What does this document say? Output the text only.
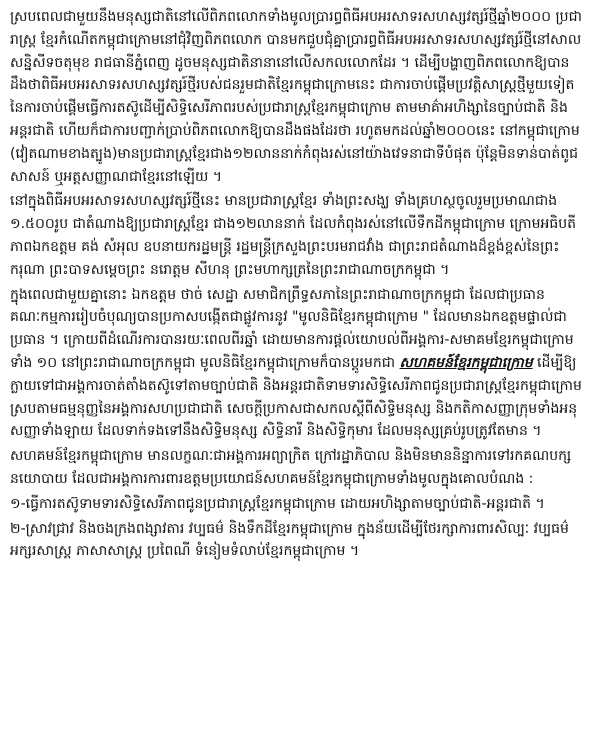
ស្របពេលជាមួយនឹងមនុស្សជាតិនៅលើពិភពលោកទាំងមូលប្រារព្ធពិធីអបអរសាទរសហស្សវត្សរ៍ថ្មីឆ្នាំ២០០០ ប្រជារាស្ត្រ ខ្មែរកំណើតកម្ពុជាក្រោមនៅជុំវិញពិភពលោក បានមកជួបជុំគ្នាប្រារព្ធពិធីអបអរសាទរសហស្សវត្សរ៍ថ្មីនៅសាលសន្និសីទចតុមុខ រាជធានីភ្នំពេញ ដូចមនុស្សជាតិនានានៅលើសកលលោកដែរ ។ ដើម្បីបង្ហាញពិភពលោកឱ្យបានដឹងថាពិធីអបអរសាទរសហស្សវត្សរ៍ថ្មីរបស់ជនរួមជាតិខ្មែរកម្ពុជាក្រោមនេះ ជាការចាប់ផ្តើមប្រវត្តិសាស្ត្រថ្មីមួយទៀត នៃការចាប់ផ្តើមធ្វើការតស៊ូដើម្បីសិទ្ធិសេរីភាពរបស់ប្រជារាស្ត្រខ្មែរកម្ពុជាក្រោម តាមមាគ៌ាអហិង្សានៃច្បាប់ជាតិ និងអន្តរជាតិ ហើយក៏ជាការបញ្ជាក់ប្រាប់ពិភពលោកឱ្យបានដឹងផងដែរថា រហូតមកដល់ឆ្នាំ២០០០នេះ នៅកម្ពុជាក្រោម (វៀតណាមខាងត្បូង)មានប្រជារាស្ត្រខ្មែរជាង១២លាននាក់កំពុងរស់នៅយ៉ាងវេទនាជាទីបំផុត ប៉ុន្តែមិនទាន់បាត់ពូជសាសន៍ ឬអត្តសញ្ញាណជាខ្មែរនៅឡើយ ។

នៅក្នុងពិធីអបអរសាទរសហស្សវត្សរ៍ថ្មីនេះ មានប្រជារាស្ត្រខ្មែរ ទាំងព្រះសង្ឃ ទាំងគ្រហស្ថចូលរួមប្រមាណជាង ១.៥០០រូប ជាតំណាងឱ្យប្រជារាស្ត្រខ្មែរ ជាង១២លាននាក់ ដែលកំពុងរស់នៅលើទឹកដីកម្ពុជាក្រោម ក្រោមអធិបតីភាពឯកឧត្តម គង់ សំអុល ឧបនាយករដ្ឋមន្ត្រី រដ្ឋមន្ត្រីក្រសួងព្រះបរមរាជវាំង ជាព្រះរាជតំណាងដ៏ខ្ពង់ខ្ពស់នៃព្រះករុណា ព្រះបាទសម្តេចព្រះ នរោត្តម សីហនុ ព្រះមហាក្សត្រនៃព្រះរាជាណាចក្រកម្ពុជា ។

ក្នុងពេលជាមួយគ្នានោះ ឯកឧត្តម ថាច់ សេដ្ឋា សមាជិកព្រឹទ្ធសភានៃព្រះរាជាណាចក្រកម្ពុជា ដែលជាប្រធានគណៈកម្មការរៀបចំបុណ្យបានប្រកាសបង្កើតជាផ្លូវការនូវ "មូលនិធិខ្មែរកម្ពុជាក្រោម " ដែលមានឯកឧត្តមផ្ទាល់ជាប្រធាន ។ ក្រោយពីដំណើរការបានរយៈពេលពីរឆ្នាំ ដោយមានការផ្តល់យោបល់ពីអង្គការ-សមាគមខ្មែរកម្ពុជាក្រោមទាំង ១០ នៅព្រះរាជាណាចក្រកម្ពុជា មូលនិធិខ្មែរកម្ពុជាក្រោមក៏បានប្តូរមកជា សហគមន៍ខ្មែរកម្ពុជាក្រោម ដើម្បីឱ្យក្លាយទៅជាអង្គការចាត់តាំងតស៊ូទៅតាមច្បាប់ជាតិ និងអន្តរជាតិទាមទារសិទ្ធិសេរីភាពជូនប្រជារាស្ត្រខ្មែរកម្ពុជាក្រោម ស្របតាមធម្មនុញ្ញនៃអង្គការសហប្រជាជាតិ សេចក្តីប្រកាសជាសកលស្តីពីសិទ្ធិមនុស្ស និងកតិកាសញ្ញាក្រុមទាំងអនុសញ្ញាទាំងឡាយ ដែលទាក់ទងទៅនឹងសិទ្ធិមនុស្ស សិទ្ធិនារី និងសិទ្ធិកុមារ ដែលមនុស្សគ្រប់រូបត្រូវតែមាន ។

សហគមន៍ខ្មែរកម្ពុជាក្រោម មានលក្ខណៈជាអង្គការអព្យាក្រិត ក្រៅរដ្ឋាភិបាល និងមិនមាននិន្នាការទៅរកគណបក្សនយោបាយ ដែលជាអង្គការការពារឧត្តមប្រយោជន៍សហគមន៍ខ្មែរកម្ពុជាក្រោមទាំងមូលក្នុងគោលបំណង :

១-ធ្វើការតស៊ូទាមទារសិទ្ធិសេរីភាពជូនប្រជារាស្ត្រខ្មែរកម្ពុជាក្រោម ដោយអហិង្សាតាមច្បាប់ជាតិ-អន្តរជាតិ ។

២-ស្រាវជ្រាវ និងចងក្រងពង្សាវតារ វប្បធម៌ និងទឹកដីខ្មែរកម្ពុជាក្រោម ក្នុងន័យដើម្បីថែរក្សាការពារសិល្បៈ វប្បធម៌ អក្សរសាស្ត្រ ភាសាសាស្ត្រ ប្រពៃណី ទំនៀមទំលាប់ខ្មែរកម្ពុជាក្រោម ។
